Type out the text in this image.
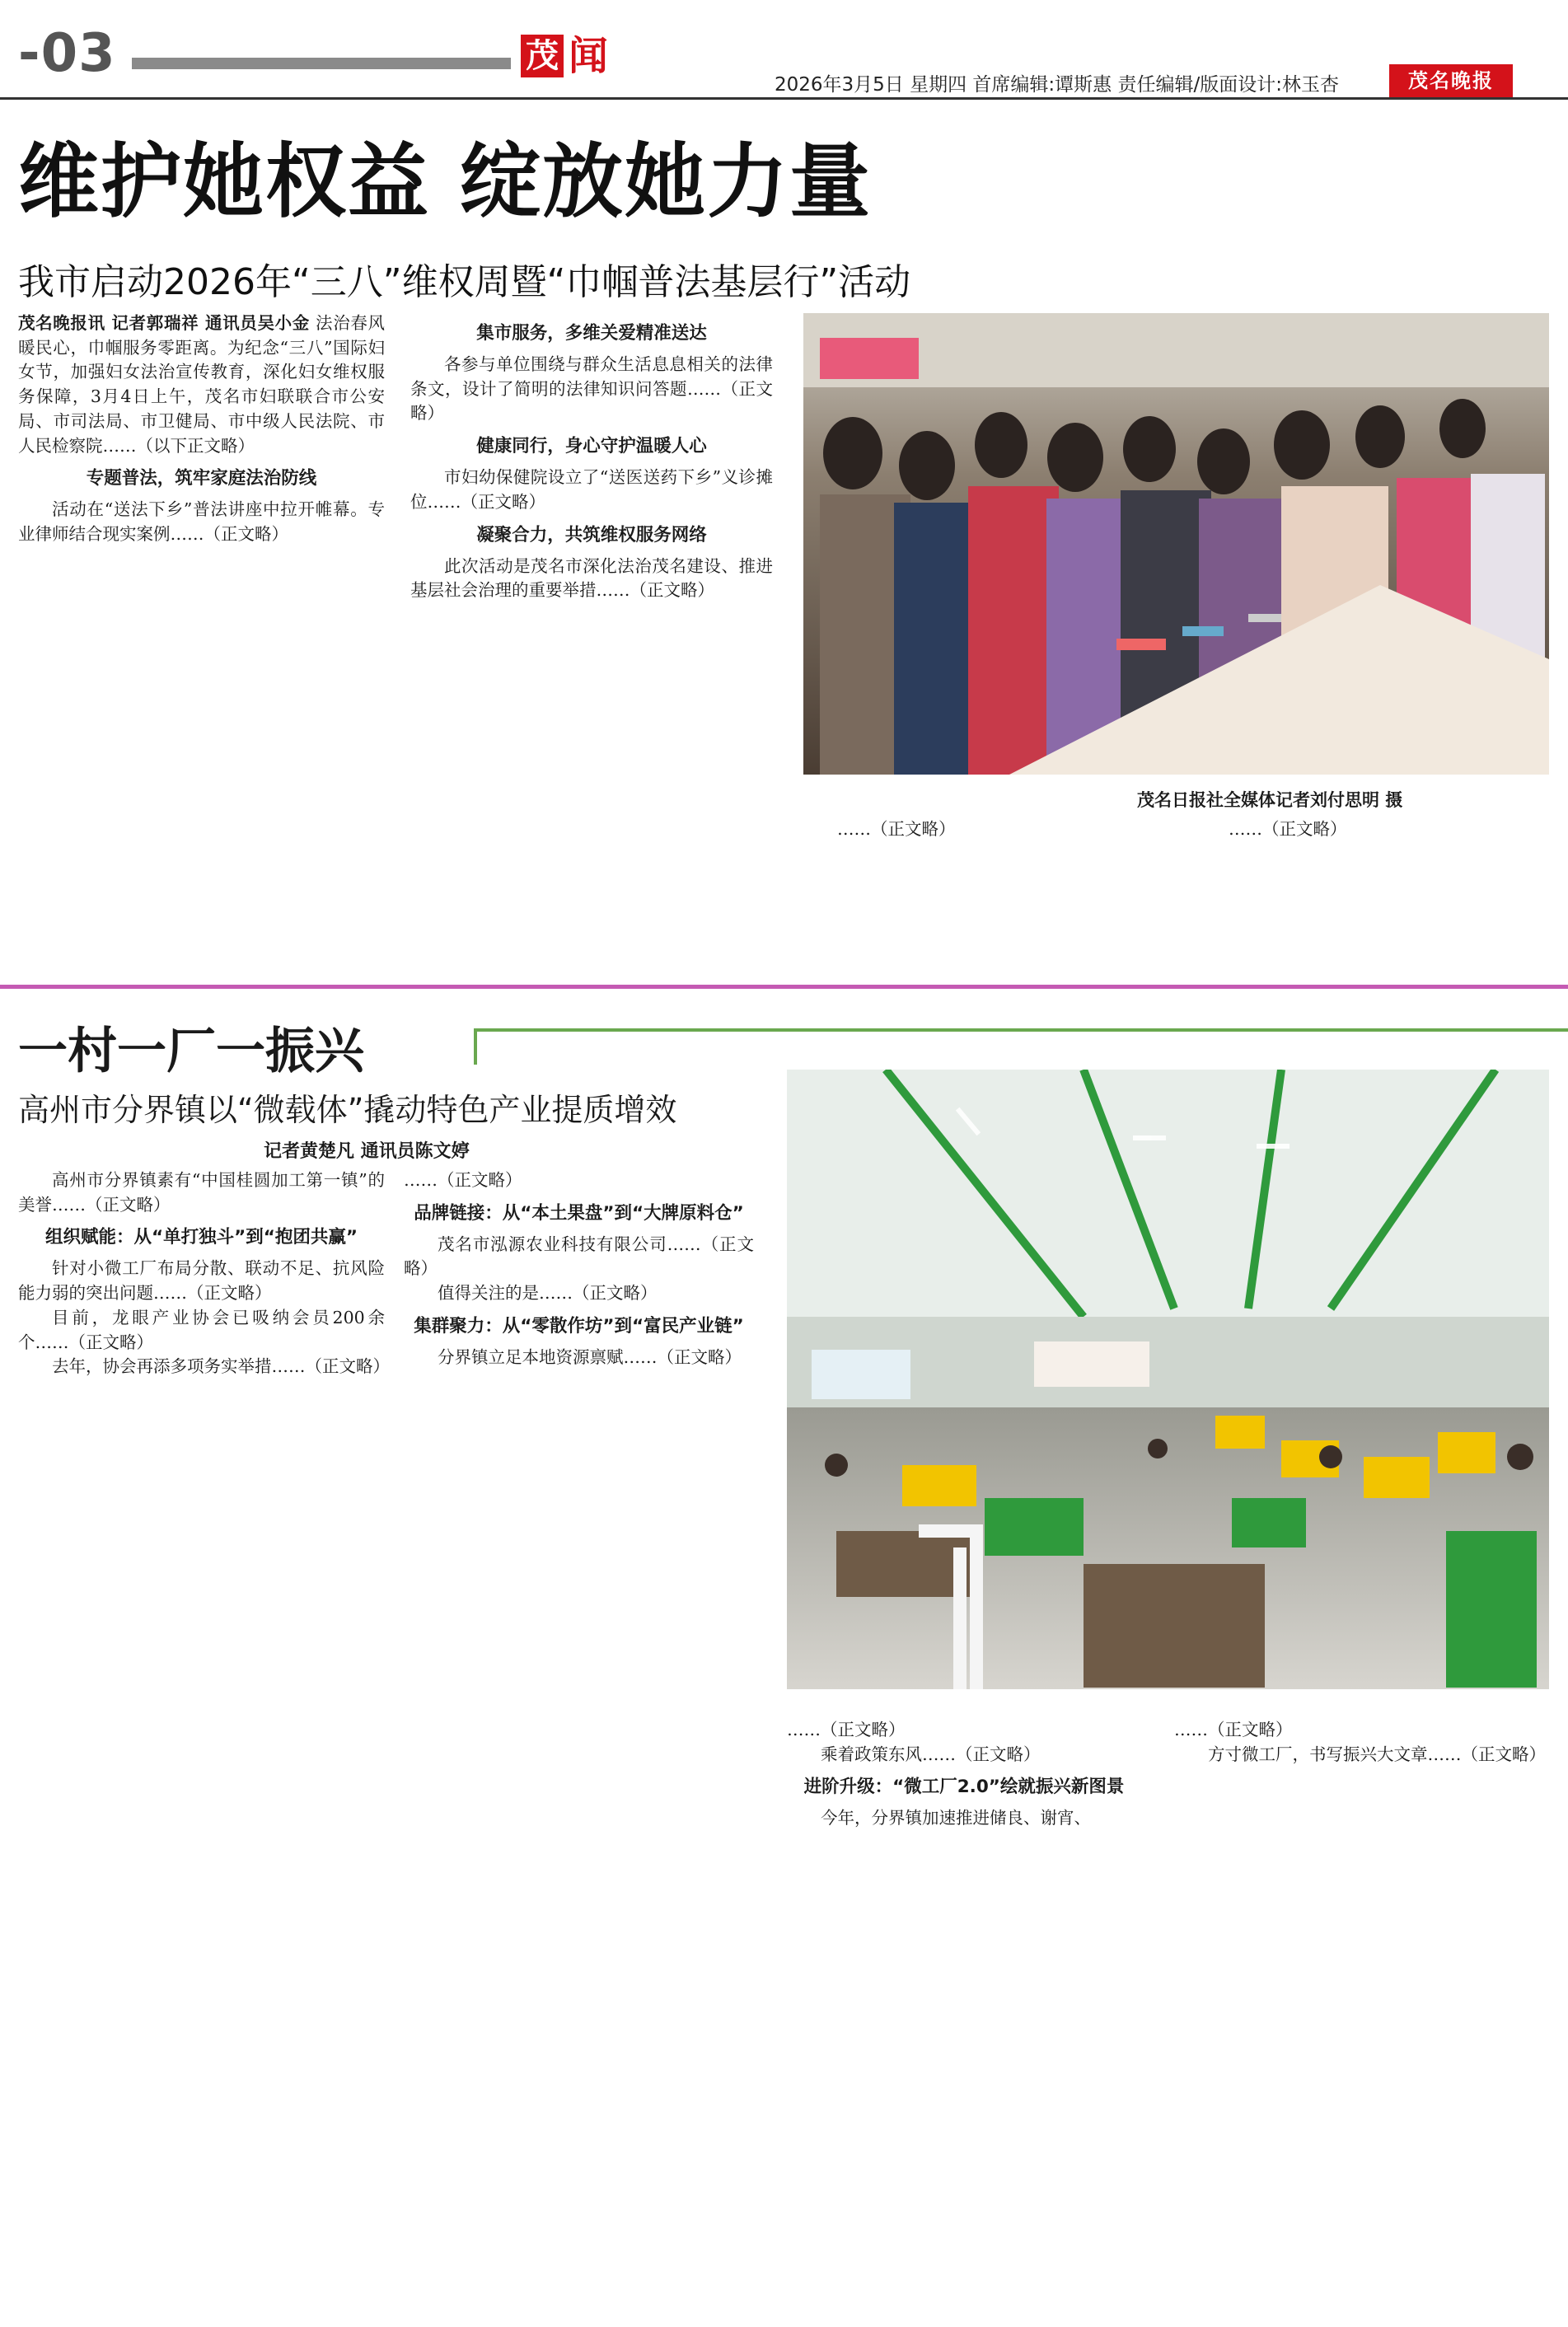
-03	茂 闻
2026年3月5日 星期四 首席编辑:谭斯惠 责任编辑/版面设计:林玉杏	茂名晚报
维护她权益 绽放她力量
我市启动2026年“三八”维权周暨“巾帼普法基层行”活动

茂名晚报讯 记者郭瑞祥 通讯员吴小金 法治春风暖民心，巾帼服务零距离。为纪念“三八”国际妇女节，加强妇女法治宣传教育，深化妇女维权服务保障，3月4日上午，茂名市妇联联合市公安局、市司法局、市卫健局、市中级人民法院、市人民检察院……（以下正文略）

专题普法，筑牢家庭法治防线

活动在“送法下乡”普法讲座中拉开帷幕。专业律师结合现实案例……（正文略）

集市服务，多维关爱精准送达

各参与单位围绕与群众生活息息相关的法律条文，设计了简明的法律知识问答题……（正文略）

健康同行，身心守护温暖人心

市妇幼保健院设立了“送医送药下乡”义诊摊位……（正文略）

凝聚合力，共筑维权服务网络

此次活动是茂名市深化法治茂名建设、推进基层社会治理的重要举措……（正文略）

茂名日报社全媒体记者刘付思明 摄

……（正文略）	……（正文略）

一村一厂一振兴
高州市分界镇以“微载体”撬动特色产业提质增效
记者黄楚凡 通讯员陈文婷

高州市分界镇素有“中国桂圆加工第一镇”的美誉……（正文略）

组织赋能：从“单打独斗”到“抱团共赢”

针对小微工厂布局分散、联动不足、抗风险能力弱的突出问题……（正文略）

目前，龙眼产业协会已吸纳会员200余个……（正文略）

去年，协会再添多项务实举措……（正文略）

……（正文略）

品牌链接：从“本土果盘”到“大牌原料仓”

茂名市泓源农业科技有限公司……（正文略）

值得关注的是……（正文略）

集群聚力：从“零散作坊”到“富民产业链”

分界镇立足本地资源禀赋……（正文略）

……（正文略）

乘着政策东风……（正文略）

进阶升级：“微工厂2.0”绘就振兴新图景

今年，分界镇加速推进储良、谢宵、

……（正文略）

方寸微工厂，书写振兴大文章……（正文略）
